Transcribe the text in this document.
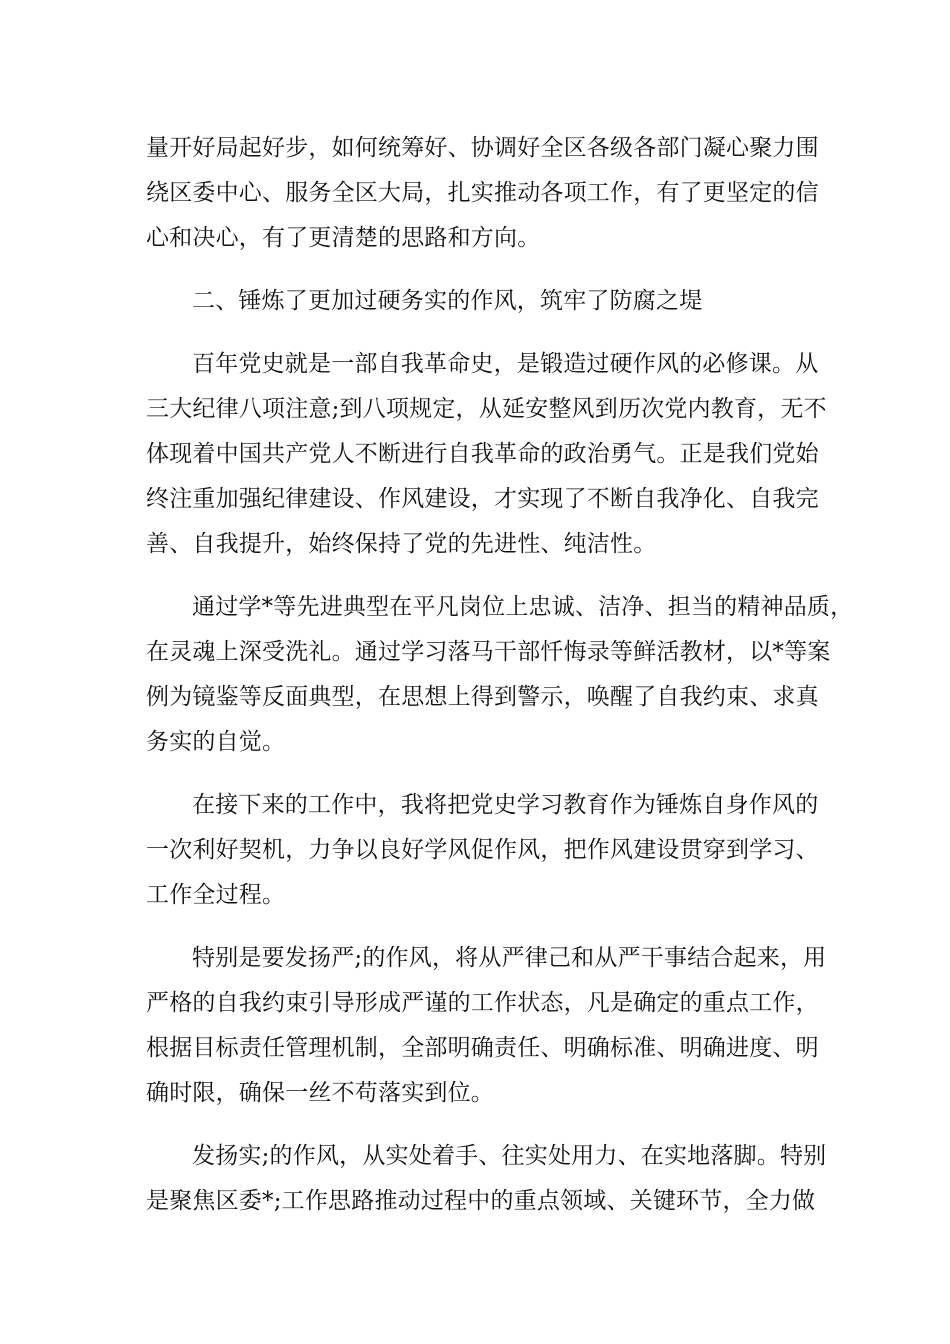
量开好局起好步，如何统筹好、协调好全区各级各部门凝心聚力围
绕区委中心、服务全区大局，扎实推动各项工作，有了更坚定的信
心和决心，有了更清楚的思路和方向。
二、锤炼了更加过硬务实的作风，筑牢了防腐之堤
百年党史就是一部自我革命史，是锻造过硬作风的必修课。从
三大纪律八项注意;到八项规定，从延安整风到历次党内教育，无不
体现着中国共产党人不断进行自我革命的政治勇气。正是我们党始
终注重加强纪律建设、作风建设，才实现了不断自我净化、自我完
善、自我提升，始终保持了党的先进性、纯洁性。
通过学*等先进典型在平凡岗位上忠诚、洁净、担当的精神品质，
在灵魂上深受洗礼。通过学习落马干部忏悔录等鲜活教材，以*等案
例为镜鉴等反面典型，在思想上得到警示，唤醒了自我约束、求真
务实的自觉。
在接下来的工作中，我将把党史学习教育作为锤炼自身作风的
一次利好契机，力争以良好学风促作风，把作风建设贯穿到学习、
工作全过程。
特别是要发扬严;的作风，将从严律己和从严干事结合起来，用
严格的自我约束引导形成严谨的工作状态，凡是确定的重点工作，
根据目标责任管理机制，全部明确责任、明确标准、明确进度、明
确时限，确保一丝不苟落实到位。
发扬实;的作风，从实处着手、往实处用力、在实地落脚。特别
是聚焦区委*;工作思路推动过程中的重点领域、关键环节，全力做
